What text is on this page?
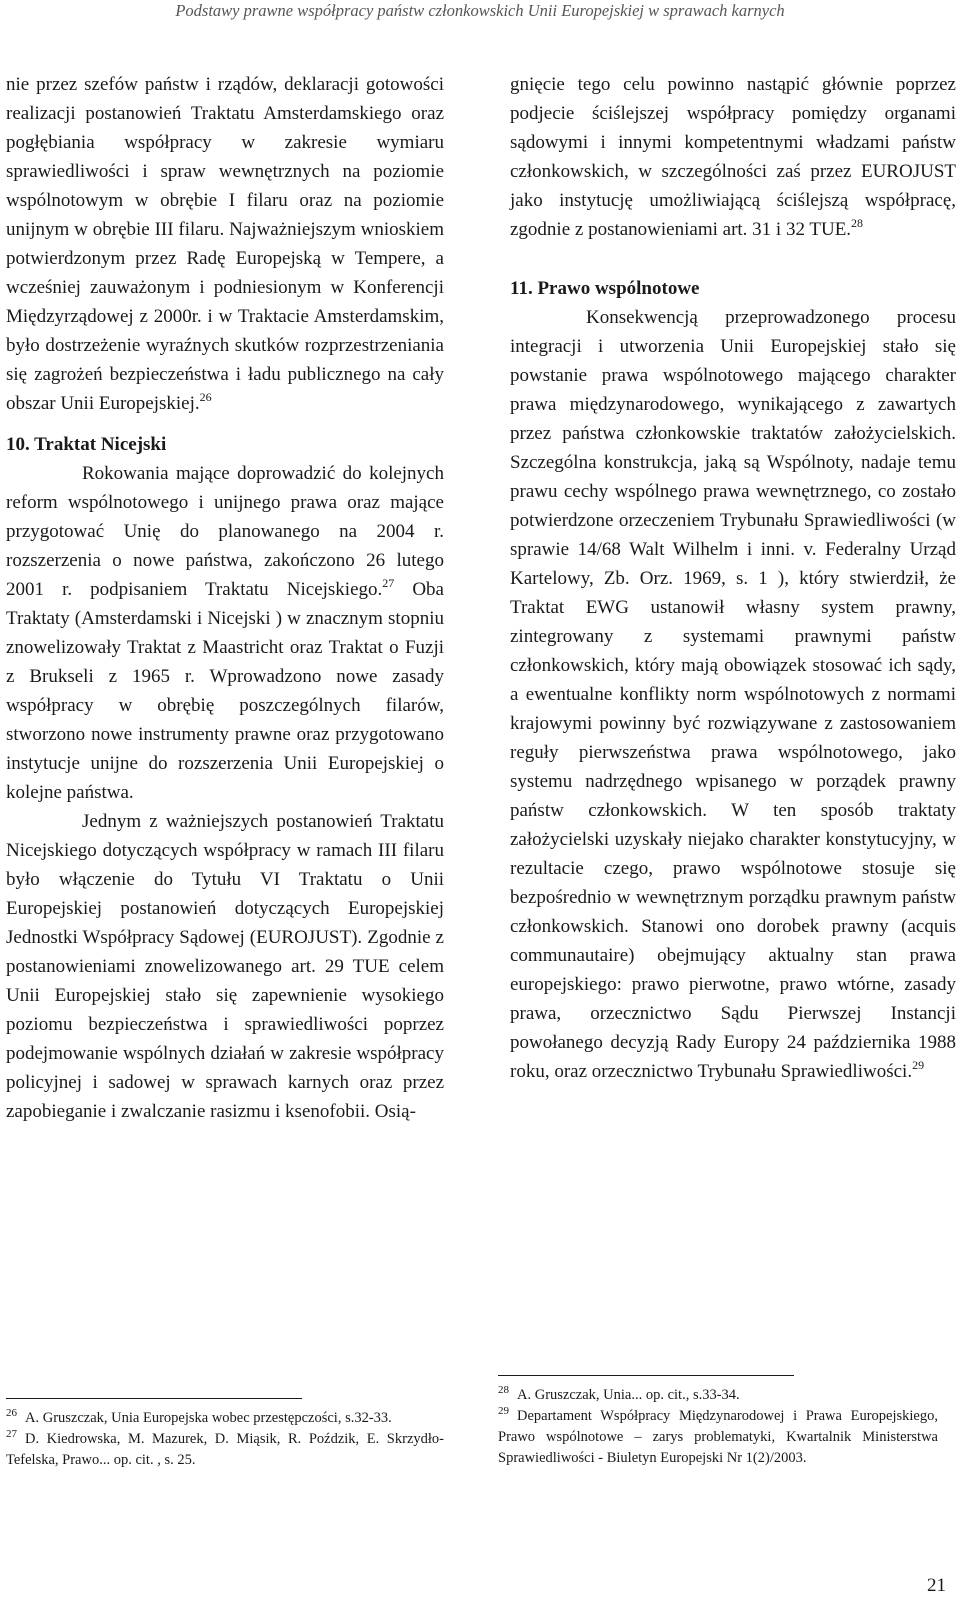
Podstawy prawne współpracy państw członkowskich Unii Europejskiej w sprawach karnych

nie przez szefów państw i rządów, deklaracji gotowości realizacji postanowień Traktatu Amsterdamskiego oraz pogłębiania współpracy w zakresie wymiaru sprawiedliwości i spraw wewnętrznych na poziomie wspólnotowym w obrębie I filaru oraz na poziomie unijnym w obrębie III filaru. Najważniejszym wnioskiem potwierdzonym przez Radę Europejską w Tempere, a wcześniej zauważonym i podniesionym w Konferencji Międzyrządowej z 2000r. i w Traktacie Amsterdamskim, było dostrzeżenie wyraźnych skutków rozprzestrzeniania się zagrożeń bezpieczeństwa i ładu publicznego na cały obszar Unii Europejskiej.$^{26}$

10. Traktat Nicejski

Rokowania mające doprowadzić do kolejnych reform wspólnotowego i unijnego prawa oraz mające przygotować Unię do planowanego na 2004 r. rozszerzenia o nowe państwa, zakończono 26 lutego 2001 r. podpisaniem Traktatu Nicejskiego.$^{27}$ Oba Traktaty (Amsterdamski i Nicejski ) w znacznym stopniu znowelizowały Traktat z Maastricht oraz Traktat o Fuzji z Brukseli z 1965 r. Wprowadzono nowe zasady współpracy w obrębię poszczególnych filarów, stworzono nowe instrumenty prawne oraz przygotowano instytucje unijne do rozszerzenia Unii Europejskiej o kolejne państwa.

Jednym z ważniejszych postanowień Traktatu Nicejskiego dotyczących współpracy w ramach III filaru było włączenie do Tytułu VI Traktatu o Unii Europejskiej postanowień dotyczących Europejskiej Jednostki Współpracy Sądowej (EUROJUST). Zgodnie z postanowieniami znowelizowanego art. 29 TUE celem Unii Europejskiej stało się zapewnienie wysokiego poziomu bezpieczeństwa i sprawiedliwości poprzez podejmowanie wspólnych działań w zakresie współpracy policyjnej i sadowej w sprawach karnych oraz przez zapobieganie i zwalczanie rasizmu i ksenofobii. Osią-

gnięcie tego celu powinno nastąpić głównie poprzez podjecie ściślejszej współpracy pomiędzy organami sądowymi i innymi kompetentnymi władzami państw członkowskich, w szczególności zaś przez EUROJUST jako instytucję umożliwiającą ściślejszą współpracę, zgodnie z postanowieniami art. 31 i 32 TUE.$^{28}$

11. Prawo wspólnotowe

Konsekwencją przeprowadzonego procesu integracji i utworzenia Unii Europejskiej stało się powstanie prawa wspólnotowego mającego charakter prawa międzynarodowego, wynikającego z zawartych przez państwa członkowskie traktatów założycielskich. Szczególna konstrukcja, jaką są Wspólnoty, nadaje temu prawu cechy wspólnego prawa wewnętrznego, co zostało potwierdzone orzeczeniem Trybunału Sprawiedliwości (w sprawie 14/68 Walt Wilhelm i inni. v. Federalny Urząd Kartelowy, Zb. Orz. 1969, s. 1 ), który stwierdził, że Traktat EWG ustanowił własny system prawny, zintegrowany z systemami prawnymi państw członkowskich, który mają obowiązek stosować ich sądy, a ewentualne konflikty norm wspólnotowych z normami krajowymi powinny być rozwiązywane z zastosowaniem reguły pierwszeństwa prawa wspólnotowego, jako systemu nadrzędnego wpisanego w porządek prawny państw członkowskich. W ten sposób traktaty założycielski uzyskały niejako charakter konstytucyjny, w rezultacie czego, prawo wspólnotowe stosuje się bezpośrednio w wewnętrznym porządku prawnym państw członkowskich. Stanowi ono dorobek prawny (acquis communautaire) obejmujący aktualny stan prawa europejskiego: prawo pierwotne, prawo wtórne, zasady prawa, orzecznictwo Sądu Pierwszej Instancji powołanego decyzją Rady Europy 24 października 1988 roku, oraz orzecznictwo Trybunału Sprawiedliwości.$^{29}$

$^{26}$ A. Gruszczak, Unia Europejska wobec przestępczości, s.32-33.

$^{27}$ D. Kiedrowska, M. Mazurek, D. Miąsik, R. Poździk, E. Skrzydło-Tefelska, Prawo... op. cit. , s. 25.

$^{28}$ A. Gruszczak, Unia... op. cit., s.33-34.

$^{29}$ Departament Współpracy Międzynarodowej i Prawa Europejskiego, Prawo wspólnotowe – zarys problematyki, Kwartalnik Ministerstwa Sprawiedliwości - Biuletyn Europejski Nr 1(2)/2003.

21
